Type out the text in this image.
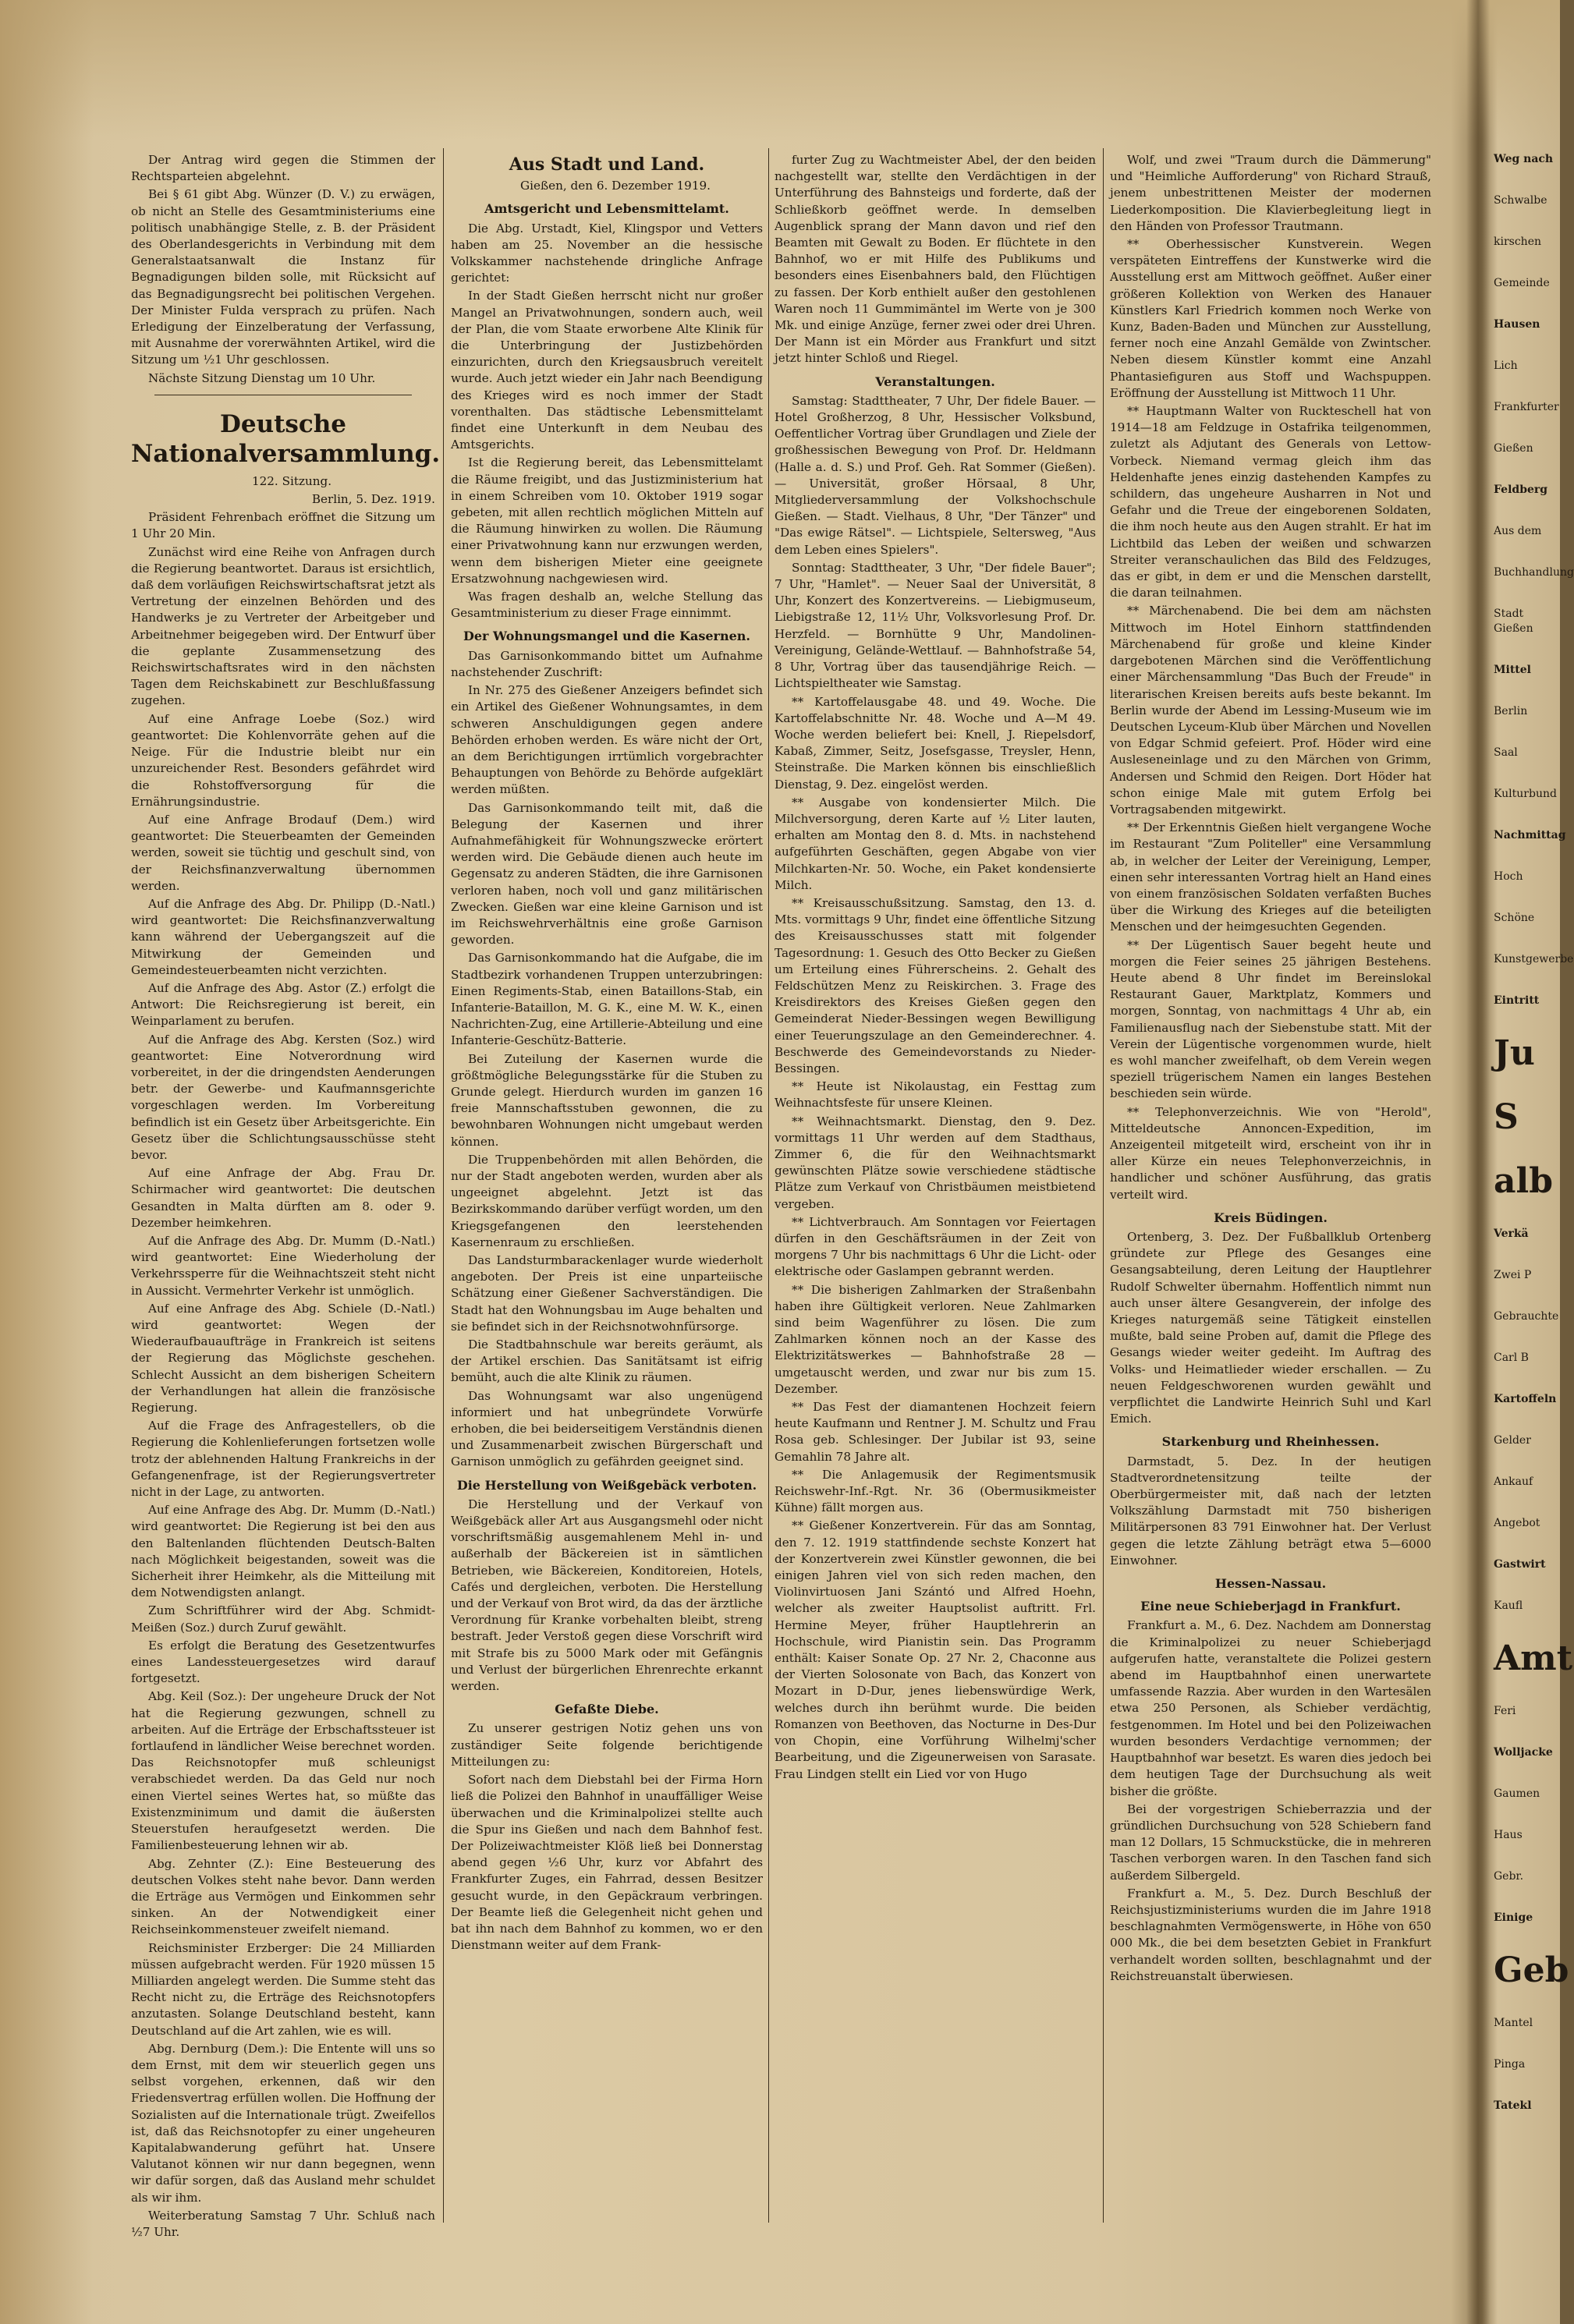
Der Antrag wird gegen die Stimmen der Rechtsparteien abgelehnt.

Bei § 61 gibt Abg. Wünzer (D. V.) zu erwägen, ob nicht an Stelle des Gesamtministeriums eine politisch unabhängige Stelle, z. B. der Präsident des Oberlandesgerichts in Verbindung mit dem Generalstaatsanwalt die Instanz für Begnadigungen bilden solle, mit Rücksicht auf das Begnadigungsrecht bei politischen Vergehen. Der Minister Fulda versprach zu prüfen. Nach Erledigung der Einzelberatung der Verfassung, mit Ausnahme der vorerwähnten Artikel, wird die Sitzung um ½1 Uhr geschlossen.

Nächste Sitzung Dienstag um 10 Uhr.

Deutsche Nationalversammlung.

122. Sitzung.

Berlin, 5. Dez. 1919.

Präsident Fehrenbach eröffnet die Sitzung um 1 Uhr 20 Min.

Zunächst wird eine Reihe von Anfragen durch die Regierung beantwortet. Daraus ist ersichtlich, daß dem vorläufigen Reichswirtschaftsrat jetzt als Vertretung der einzelnen Behörden und des Handwerks je zu Vertreter der Arbeitgeber und Arbeitnehmer beigegeben wird. Der Entwurf über die geplante Zusammensetzung des Reichswirtschaftsrates wird in den nächsten Tagen dem Reichskabinett zur Beschlußfassung zugehen.

Auf eine Anfrage Loebe (Soz.) wird geantwortet: Die Kohlenvorräte gehen auf die Neige. Für die Industrie bleibt nur ein unzureichender Rest. Besonders gefährdet wird die Rohstoffversorgung für die Ernährungsindustrie.

Auf eine Anfrage Brodauf (Dem.) wird geantwortet: Die Steuerbeamten der Gemeinden werden, soweit sie tüchtig und geschult sind, von der Reichsfinanzverwaltung übernommen werden.

Auf die Anfrage des Abg. Dr. Philipp (D.-Natl.) wird geantwortet: Die Reichsfinanzverwaltung kann während der Uebergangszeit auf die Mitwirkung der Gemeinden und Gemeindesteuerbeamten nicht verzichten.

Auf die Anfrage des Abg. Astor (Z.) erfolgt die Antwort: Die Reichsregierung ist bereit, ein Weinparlament zu berufen.

Auf die Anfrage des Abg. Kersten (Soz.) wird geantwortet: Eine Notverordnung wird vorbereitet, in der die dringendsten Aenderungen betr. der Gewerbe- und Kaufmannsgerichte vorgeschlagen werden. Im Vorbereitung befindlich ist ein Gesetz über Arbeitsgerichte. Ein Gesetz über die Schlichtungsausschüsse steht bevor.

Auf eine Anfrage der Abg. Frau Dr. Schirmacher wird geantwortet: Die deutschen Gesandten in Malta dürften am 8. oder 9. Dezember heimkehren.

Auf die Anfrage des Abg. Dr. Mumm (D.-Natl.) wird geantwortet: Eine Wiederholung der Verkehrssperre für die Weihnachtszeit steht nicht in Aussicht. Vermehrter Verkehr ist unmöglich.

Auf eine Anfrage des Abg. Schiele (D.-Natl.) wird geantwortet: Wegen der Wiederaufbauaufträge in Frankreich ist seitens der Regierung das Möglichste geschehen. Schlecht Aussicht an dem bisherigen Scheitern der Verhandlungen hat allein die französische Regierung.

Auf die Frage des Anfragestellers, ob die Regierung die Kohlenlieferungen fortsetzen wolle trotz der ablehnenden Haltung Frankreichs in der Gefangenenfrage, ist der Regierungsvertreter nicht in der Lage, zu antworten.

Auf eine Anfrage des Abg. Dr. Mumm (D.-Natl.) wird geantwortet: Die Regierung ist bei den aus den Baltenlanden flüchtenden Deutsch-Balten nach Möglichkeit beigestanden, soweit was die Sicherheit ihrer Heimkehr, als die Mitteilung mit dem Notwendigsten anlangt.

Zum Schriftführer wird der Abg. Schmidt-Meißen (Soz.) durch Zuruf gewählt.

Es erfolgt die Beratung des Gesetzentwurfes eines Landessteuergesetzes wird darauf fortgesetzt.

Abg. Keil (Soz.): Der ungeheure Druck der Not hat die Regierung gezwungen, schnell zu arbeiten. Auf die Erträge der Erbschaftssteuer ist fortlaufend in ländlicher Weise berechnet worden. Das Reichsnotopfer muß schleunigst verabschiedet werden. Da das Geld nur noch einen Viertel seines Wertes hat, so müßte das Existenzminimum und damit die äußersten Steuerstufen heraufgesetzt werden. Die Familienbesteuerung lehnen wir ab.

Abg. Zehnter (Z.): Eine Besteuerung des deutschen Volkes steht nahe bevor. Dann werden die Erträge aus Vermögen und Einkommen sehr sinken. An der Notwendigkeit einer Reichseinkommensteuer zweifelt niemand.

Reichsminister Erzberger: Die 24 Milliarden müssen aufgebracht werden. Für 1920 müssen 15 Milliarden angelegt werden. Die Summe steht das Recht nicht zu, die Erträge des Reichsnotopfers anzutasten. Solange Deutschland besteht, kann Deutschland auf die Art zahlen, wie es will.

Abg. Dernburg (Dem.): Die Entente will uns so dem Ernst, mit dem wir steuerlich gegen uns selbst vorgehen, erkennen, daß wir den Friedensvertrag erfüllen wollen. Die Hoffnung der Sozialisten auf die Internationale trügt. Zweifellos ist, daß das Reichsnotopfer zu einer ungeheuren Kapitalabwanderung geführt hat. Unsere Valutanot können wir nur dann begegnen, wenn wir dafür sorgen, daß das Ausland mehr schuldet als wir ihm.

Weiterberatung Samstag 7 Uhr. Schluß nach ½7 Uhr.

Aus Stadt und Land.

Gießen, den 6. Dezember 1919.

Amtsgericht und Lebensmittelamt.

Die Abg. Urstadt, Kiel, Klingspor und Vetters haben am 25. November an die hessische Volkskammer nachstehende dringliche Anfrage gerichtet:

In der Stadt Gießen herrscht nicht nur großer Mangel an Privatwohnungen, sondern auch, weil der Plan, die vom Staate erworbene Alte Klinik für die Unterbringung der Justizbehörden einzurichten, durch den Kriegsausbruch vereitelt wurde. Auch jetzt wieder ein Jahr nach Beendigung des Krieges wird es noch immer der Stadt vorenthalten. Das städtische Lebensmittelamt findet eine Unterkunft in dem Neubau des Amtsgerichts.

Ist die Regierung bereit, das Lebensmittelamt die Räume freigibt, und das Justizministerium hat in einem Schreiben vom 10. Oktober 1919 sogar gebeten, mit allen rechtlich möglichen Mitteln auf die Räumung hinwirken zu wollen. Die Räumung einer Privatwohnung kann nur erzwungen werden, wenn dem bisherigen Mieter eine geeignete Ersatzwohnung nachgewiesen wird.

Was fragen deshalb an, welche Stellung das Gesamtministerium zu dieser Frage einnimmt.

Der Wohnungsmangel und die Kasernen.

Das Garnisonkommando bittet um Aufnahme nachstehender Zuschrift:

In Nr. 275 des Gießener Anzeigers befindet sich ein Artikel des Gießener Wohnungsamtes, in dem schweren Anschuldigungen gegen andere Behörden erhoben werden. Es wäre nicht der Ort, an dem Berichtigungen irrtümlich vorgebrachter Behauptungen von Behörde zu Behörde aufgeklärt werden müßten.

Das Garnisonkommando teilt mit, daß die Belegung der Kasernen und ihrer Aufnahmefähigkeit für Wohnungszwecke erörtert werden wird. Die Gebäude dienen auch heute im Gegensatz zu anderen Städten, die ihre Garnisonen verloren haben, noch voll und ganz militärischen Zwecken. Gießen war eine kleine Garnison und ist im Reichswehrverhältnis eine große Garnison geworden.

Das Garnisonkommando hat die Aufgabe, die im Stadtbezirk vorhandenen Truppen unterzubringen: Einen Regiments-Stab, einen Bataillons-Stab, ein Infanterie-Bataillon, M. G. K., eine M. W. K., einen Nachrichten-Zug, eine Artillerie-Abteilung und eine Infanterie-Geschütz-Batterie.

Bei Zuteilung der Kasernen wurde die größtmögliche Belegungsstärke für die Stuben zu Grunde gelegt. Hierdurch wurden im ganzen 16 freie Mannschaftsstuben gewonnen, die zu bewohnbaren Wohnungen nicht umgebaut werden können.

Die Truppenbehörden mit allen Behörden, die nur der Stadt angeboten werden, wurden aber als ungeeignet abgelehnt. Jetzt ist das Bezirkskommando darüber verfügt worden, um den Kriegsgefangenen den leerstehenden Kasernenraum zu erschließen.

Das Landsturmbarackenlager wurde wiederholt angeboten. Der Preis ist eine unparteiische Schätzung einer Gießener Sachverständigen. Die Stadt hat den Wohnungsbau im Auge behalten und sie befindet sich in der Reichsnotwohnfürsorge.

Die Stadtbahnschule war bereits geräumt, als der Artikel erschien. Das Sanitätsamt ist eifrig bemüht, auch die alte Klinik zu räumen.

Das Wohnungsamt war also ungenügend informiert und hat unbegründete Vorwürfe erhoben, die bei beiderseitigem Verständnis dienen und Zusammenarbeit zwischen Bürgerschaft und Garnison unmöglich zu gefährden geeignet sind.

Die Herstellung von Weißgebäck verboten.

Die Herstellung und der Verkauf von Weißgebäck aller Art aus Ausgangsmehl oder nicht vorschriftsmäßig ausgemahlenem Mehl in- und außerhalb der Bäckereien ist in sämtlichen Betrieben, wie Bäckereien, Konditoreien, Hotels, Cafés und dergleichen, verboten. Die Herstellung und der Verkauf von Brot wird, da das der ärztliche Verordnung für Kranke vorbehalten bleibt, streng bestraft. Jeder Verstoß gegen diese Vorschrift wird mit Strafe bis zu 5000 Mark oder mit Gefängnis und Verlust der bürgerlichen Ehrenrechte erkannt werden.

Gefaßte Diebe.

Zu unserer gestrigen Notiz gehen uns von zuständiger Seite folgende berichtigende Mitteilungen zu:

Sofort nach dem Diebstahl bei der Firma Horn ließ die Polizei den Bahnhof in unauffälliger Weise überwachen und die Kriminalpolizei stellte auch die Spur ins Gießen und nach dem Bahnhof fest. Der Polizeiwachtmeister Klöß ließ bei Donnerstag abend gegen ½6 Uhr, kurz vor Abfahrt des Frankfurter Zuges, ein Fahrrad, dessen Besitzer gesucht wurde, in den Gepäckraum verbringen. Der Beamte ließ die Gelegenheit nicht gehen und bat ihn nach dem Bahnhof zu kommen, wo er den Dienstmann weiter auf dem Frank-

furter Zug zu Wachtmeister Abel, der den beiden nachgestellt war, stellte den Verdächtigen in der Unterführung des Bahnsteigs und forderte, daß der Schließkorb geöffnet werde. In demselben Augenblick sprang der Mann davon und rief den Beamten mit Gewalt zu Boden. Er flüchtete in den Bahnhof, wo er mit Hilfe des Publikums und besonders eines Eisenbahners bald, den Flüchtigen zu fassen. Der Korb enthielt außer den gestohlenen Waren noch 11 Gummimäntel im Werte von je 300 Mk. und einige Anzüge, ferner zwei oder drei Uhren. Der Mann ist ein Mörder aus Frankfurt und sitzt jetzt hinter Schloß und Riegel.

Veranstaltungen.

Samstag: Stadttheater, 7 Uhr, Der fidele Bauer. — Hotel Großherzog, 8 Uhr, Hessischer Volksbund, Oeffentlicher Vortrag über Grundlagen und Ziele der großhessischen Bewegung von Prof. Dr. Heldmann (Halle a. d. S.) und Prof. Geh. Rat Sommer (Gießen). — Universität, großer Hörsaal, 8 Uhr, Mitgliederversammlung der Volkshochschule Gießen. — Stadt. Vielhaus, 8 Uhr, "Der Tänzer" und "Das ewige Rätsel". — Lichtspiele, Seltersweg, "Aus dem Leben eines Spielers".

Sonntag: Stadttheater, 3 Uhr, "Der fidele Bauer"; 7 Uhr, "Hamlet". — Neuer Saal der Universität, 8 Uhr, Konzert des Konzertvereins. — Liebigmuseum, Liebigstraße 12, 11½ Uhr, Volksvorlesung Prof. Dr. Herzfeld. — Bornhütte 9 Uhr, Mandolinen-Vereinigung, Gelände-Wettlauf. — Bahnhofstraße 54, 8 Uhr, Vortrag über das tausendjährige Reich. — Lichtspieltheater wie Samstag.

** Kartoffelausgabe 48. und 49. Woche. Die Kartoffelabschnitte Nr. 48. Woche und A—M 49. Woche werden beliefert bei: Knell, J. Riepelsdorf, Kabaß, Zimmer, Seitz, Josefsgasse, Treysler, Henn, Steinstraße. Die Marken können bis einschließlich Dienstag, 9. Dez. eingelöst werden.

** Ausgabe von kondensierter Milch. Die Milchversorgung, deren Karte auf ½ Liter lauten, erhalten am Montag den 8. d. Mts. in nachstehend aufgeführten Geschäften, gegen Abgabe von vier Milchkarten-Nr. 50. Woche, ein Paket kondensierte Milch.

** Kreisausschußsitzung. Samstag, den 13. d. Mts. vormittags 9 Uhr, findet eine öffentliche Sitzung des Kreisausschusses statt mit folgender Tagesordnung: 1. Gesuch des Otto Becker zu Gießen um Erteilung eines Führerscheins. 2. Gehalt des Feldschützen Menz zu Reiskirchen. 3. Frage des Kreisdirektors des Kreises Gießen gegen den Gemeinderat Nieder-Bessingen wegen Bewilligung einer Teuerungszulage an den Gemeinderechner. 4. Beschwerde des Gemeindevorstands zu Nieder-Bessingen.

** Heute ist Nikolaustag, ein Festtag zum Weihnachtsfeste für unsere Kleinen.

** Weihnachtsmarkt. Dienstag, den 9. Dez. vormittags 11 Uhr werden auf dem Stadthaus, Zimmer 6, die für den Weihnachtsmarkt gewünschten Plätze sowie verschiedene städtische Plätze zum Verkauf von Christbäumen meistbietend vergeben.

** Lichtverbrauch. Am Sonntagen vor Feiertagen dürfen in den Geschäftsräumen in der Zeit von morgens 7 Uhr bis nachmittags 6 Uhr die Licht- oder elektrische oder Gaslampen gebrannt werden.

** Die bisherigen Zahlmarken der Straßenbahn haben ihre Gültigkeit verloren. Neue Zahlmarken sind beim Wagenführer zu lösen. Die zum Zahlmarken können noch an der Kasse des Elektrizitätswerkes — Bahnhofstraße 28 — umgetauscht werden, und zwar nur bis zum 15. Dezember.

** Das Fest der diamantenen Hochzeit feiern heute Kaufmann und Rentner J. M. Schultz und Frau Rosa geb. Schlesinger. Der Jubilar ist 93, seine Gemahlin 78 Jahre alt.

** Die Anlagemusik der Regimentsmusik Reichswehr-Inf.-Rgt. Nr. 36 (Obermusikmeister Kühne) fällt morgen aus.

** Gießener Konzertverein. Für das am Sonntag, den 7. 12. 1919 stattfindende sechste Konzert hat der Konzertverein zwei Künstler gewonnen, die bei einigen Jahren viel von sich reden machen, den Violinvirtuosen Jani Szántó und Alfred Hoehn, welcher als zweiter Hauptsolist auftritt. Frl. Hermine Meyer, früher Hauptlehrerin an Hochschule, wird Pianistin sein. Das Programm enthält: Kaiser Sonate Op. 27 Nr. 2, Chaconne aus der Vierten Solosonate von Bach, das Konzert von Mozart in D-Dur, jenes liebenswürdige Werk, welches durch ihn berühmt wurde. Die beiden Romanzen von Beethoven, das Nocturne in Des-Dur von Chopin, eine Vorführung Wilhelmj'scher Bearbeitung, und die Zigeunerweisen von Sarasate. Frau Lindgen stellt ein Lied vor von Hugo

Wolf, und zwei "Traum durch die Dämmerung" und "Heimliche Aufforderung" von Richard Strauß, jenem unbestrittenen Meister der modernen Liederkomposition. Die Klavierbegleitung liegt in den Händen von Professor Trautmann.

** Oberhessischer Kunstverein. Wegen verspäteten Eintreffens der Kunstwerke wird die Ausstellung erst am Mittwoch geöffnet. Außer einer größeren Kollektion von Werken des Hanauer Künstlers Karl Friedrich kommen noch Werke von Kunz, Baden-Baden und München zur Ausstellung, ferner noch eine Anzahl Gemälde von Zwintscher. Neben diesem Künstler kommt eine Anzahl Phantasiefiguren aus Stoff und Wachspuppen. Eröffnung der Ausstellung ist Mittwoch 11 Uhr.

** Hauptmann Walter von Ruckteschell hat von 1914—18 am Feldzuge in Ostafrika teilgenommen, zuletzt als Adjutant des Generals von Lettow-Vorbeck. Niemand vermag gleich ihm das Heldenhafte jenes einzig dastehenden Kampfes zu schildern, das ungeheure Ausharren in Not und Gefahr und die Treue der eingeborenen Soldaten, die ihm noch heute aus den Augen strahlt. Er hat im Lichtbild das Leben der weißen und schwarzen Streiter veranschaulichen das Bild des Feldzuges, das er gibt, in dem er und die Menschen darstellt, die daran teilnahmen.

** Märchenabend. Die bei dem am nächsten Mittwoch im Hotel Einhorn stattfindenden Märchenabend für große und kleine Kinder dargebotenen Märchen sind die Veröffentlichung einer Märchensammlung "Das Buch der Freude" in literarischen Kreisen bereits aufs beste bekannt. Im Berlin wurde der Abend im Lessing-Museum wie im Deutschen Lyceum-Klub über Märchen und Novellen von Edgar Schmid gefeiert. Prof. Höder wird eine Ausleseneinlage und zu den Märchen von Grimm, Andersen und Schmid den Reigen. Dort Höder hat schon einige Male mit gutem Erfolg bei Vortragsabenden mitgewirkt.

** Der Erkenntnis Gießen hielt vergangene Woche im Restaurant "Zum Politeller" eine Versammlung ab, in welcher der Leiter der Vereinigung, Lemper, einen sehr interessanten Vortrag hielt an Hand eines von einem französischen Soldaten verfaßten Buches über die Wirkung des Krieges auf die beteiligten Menschen und der heimgesuchten Gegenden.

** Der Lügentisch Sauer begeht heute und morgen die Feier seines 25 jährigen Bestehens. Heute abend 8 Uhr findet im Bereinslokal Restaurant Gauer, Marktplatz, Kommers und morgen, Sonntag, von nachmittags 4 Uhr ab, ein Familienausflug nach der Siebenstube statt. Mit der Verein der Lügentische vorgenommen wurde, hielt es wohl mancher zweifelhaft, ob dem Verein wegen speziell trügerischem Namen ein langes Bestehen beschieden sein würde.

** Telephonverzeichnis. Wie von "Herold", Mitteldeutsche Annoncen-Expedition, im Anzeigenteil mitgeteilt wird, erscheint von ihr in aller Kürze ein neues Telephonverzeichnis, in handlicher und schöner Ausführung, das gratis verteilt wird.

Kreis Büdingen.

Ortenberg, 3. Dez. Der Fußballklub Ortenberg gründete zur Pflege des Gesanges eine Gesangsabteilung, deren Leitung der Hauptlehrer Rudolf Schwelter übernahm. Hoffentlich nimmt nun auch unser ältere Gesangverein, der infolge des Krieges naturgemäß seine Tätigkeit einstellen mußte, bald seine Proben auf, damit die Pflege des Gesangs wieder weiter gedeiht. Im Auftrag des Volks- und Heimatlieder wieder erschallen. — Zu neuen Feldgeschworenen wurden gewählt und verpflichtet die Landwirte Heinrich Suhl und Karl Emich.

Starkenburg und Rheinhessen.

Darmstadt, 5. Dez. In der heutigen Stadtverordnetensitzung teilte der Oberbürgermeister mit, daß nach der letzten Volkszählung Darmstadt mit 750 bisherigen Militärpersonen 83 791 Einwohner hat. Der Verlust gegen die letzte Zählung beträgt etwa 5—6000 Einwohner.

Hessen-Nassau.
Eine neue Schieberjagd in Frankfurt.

Frankfurt a. M., 6. Dez. Nachdem am Donnerstag die Kriminalpolizei zu neuer Schieberjagd aufgerufen hatte, veranstaltete die Polizei gestern abend im Hauptbahnhof einen unerwartete umfassende Razzia. Aber wurden in den Wartesälen etwa 250 Personen, als Schieber verdächtig, festgenommen. Im Hotel und bei den Polizeiwachen wurden besonders Verdachtige vernommen; der Hauptbahnhof war besetzt. Es waren dies jedoch bei dem heutigen Tage der Durchsuchung als weit bisher die größte.

Bei der vorgestrigen Schieberrazzia und der gründlichen Durchsuchung von 528 Schiebern fand man 12 Dollars, 15 Schmuckstücke, die in mehreren Taschen verborgen waren. In den Taschen fand sich außerdem Silbergeld.

Frankfurt a. M., 5. Dez. Durch Beschluß der Reichsjustizministeriums wurden die im Jahre 1918 beschlagnahmten Vermögenswerte, in Höhe von 650 000 Mk., die bei dem besetzten Gebiet in Frankfurt verhandelt worden sollten, beschlagnahmt und der Reichstreuanstalt überwiesen.

Weg nach
Schwalbe
kirschen
Gemeinde
Hausen
Lich
Frankfurter
Gießen
Feldberg
Aus dem
Buchhandlung
Stadt Gießen
Mittel
Berlin
Saal
Kulturbund
Nachmittag
Hoch
Schöne
Kunstgewerbe
Eintritt
Ju
S
alb
Verkä
Zwei P
Gebrauchte
Carl B
Kartoffeln
Gelder
Ankauf
Angebot
Gastwirt
Kaufl
Amt
Feri
Wolljacke
Gaumen
Haus
Gebr.
Einige
Geb
Mantel
Pinga
Tatekl
